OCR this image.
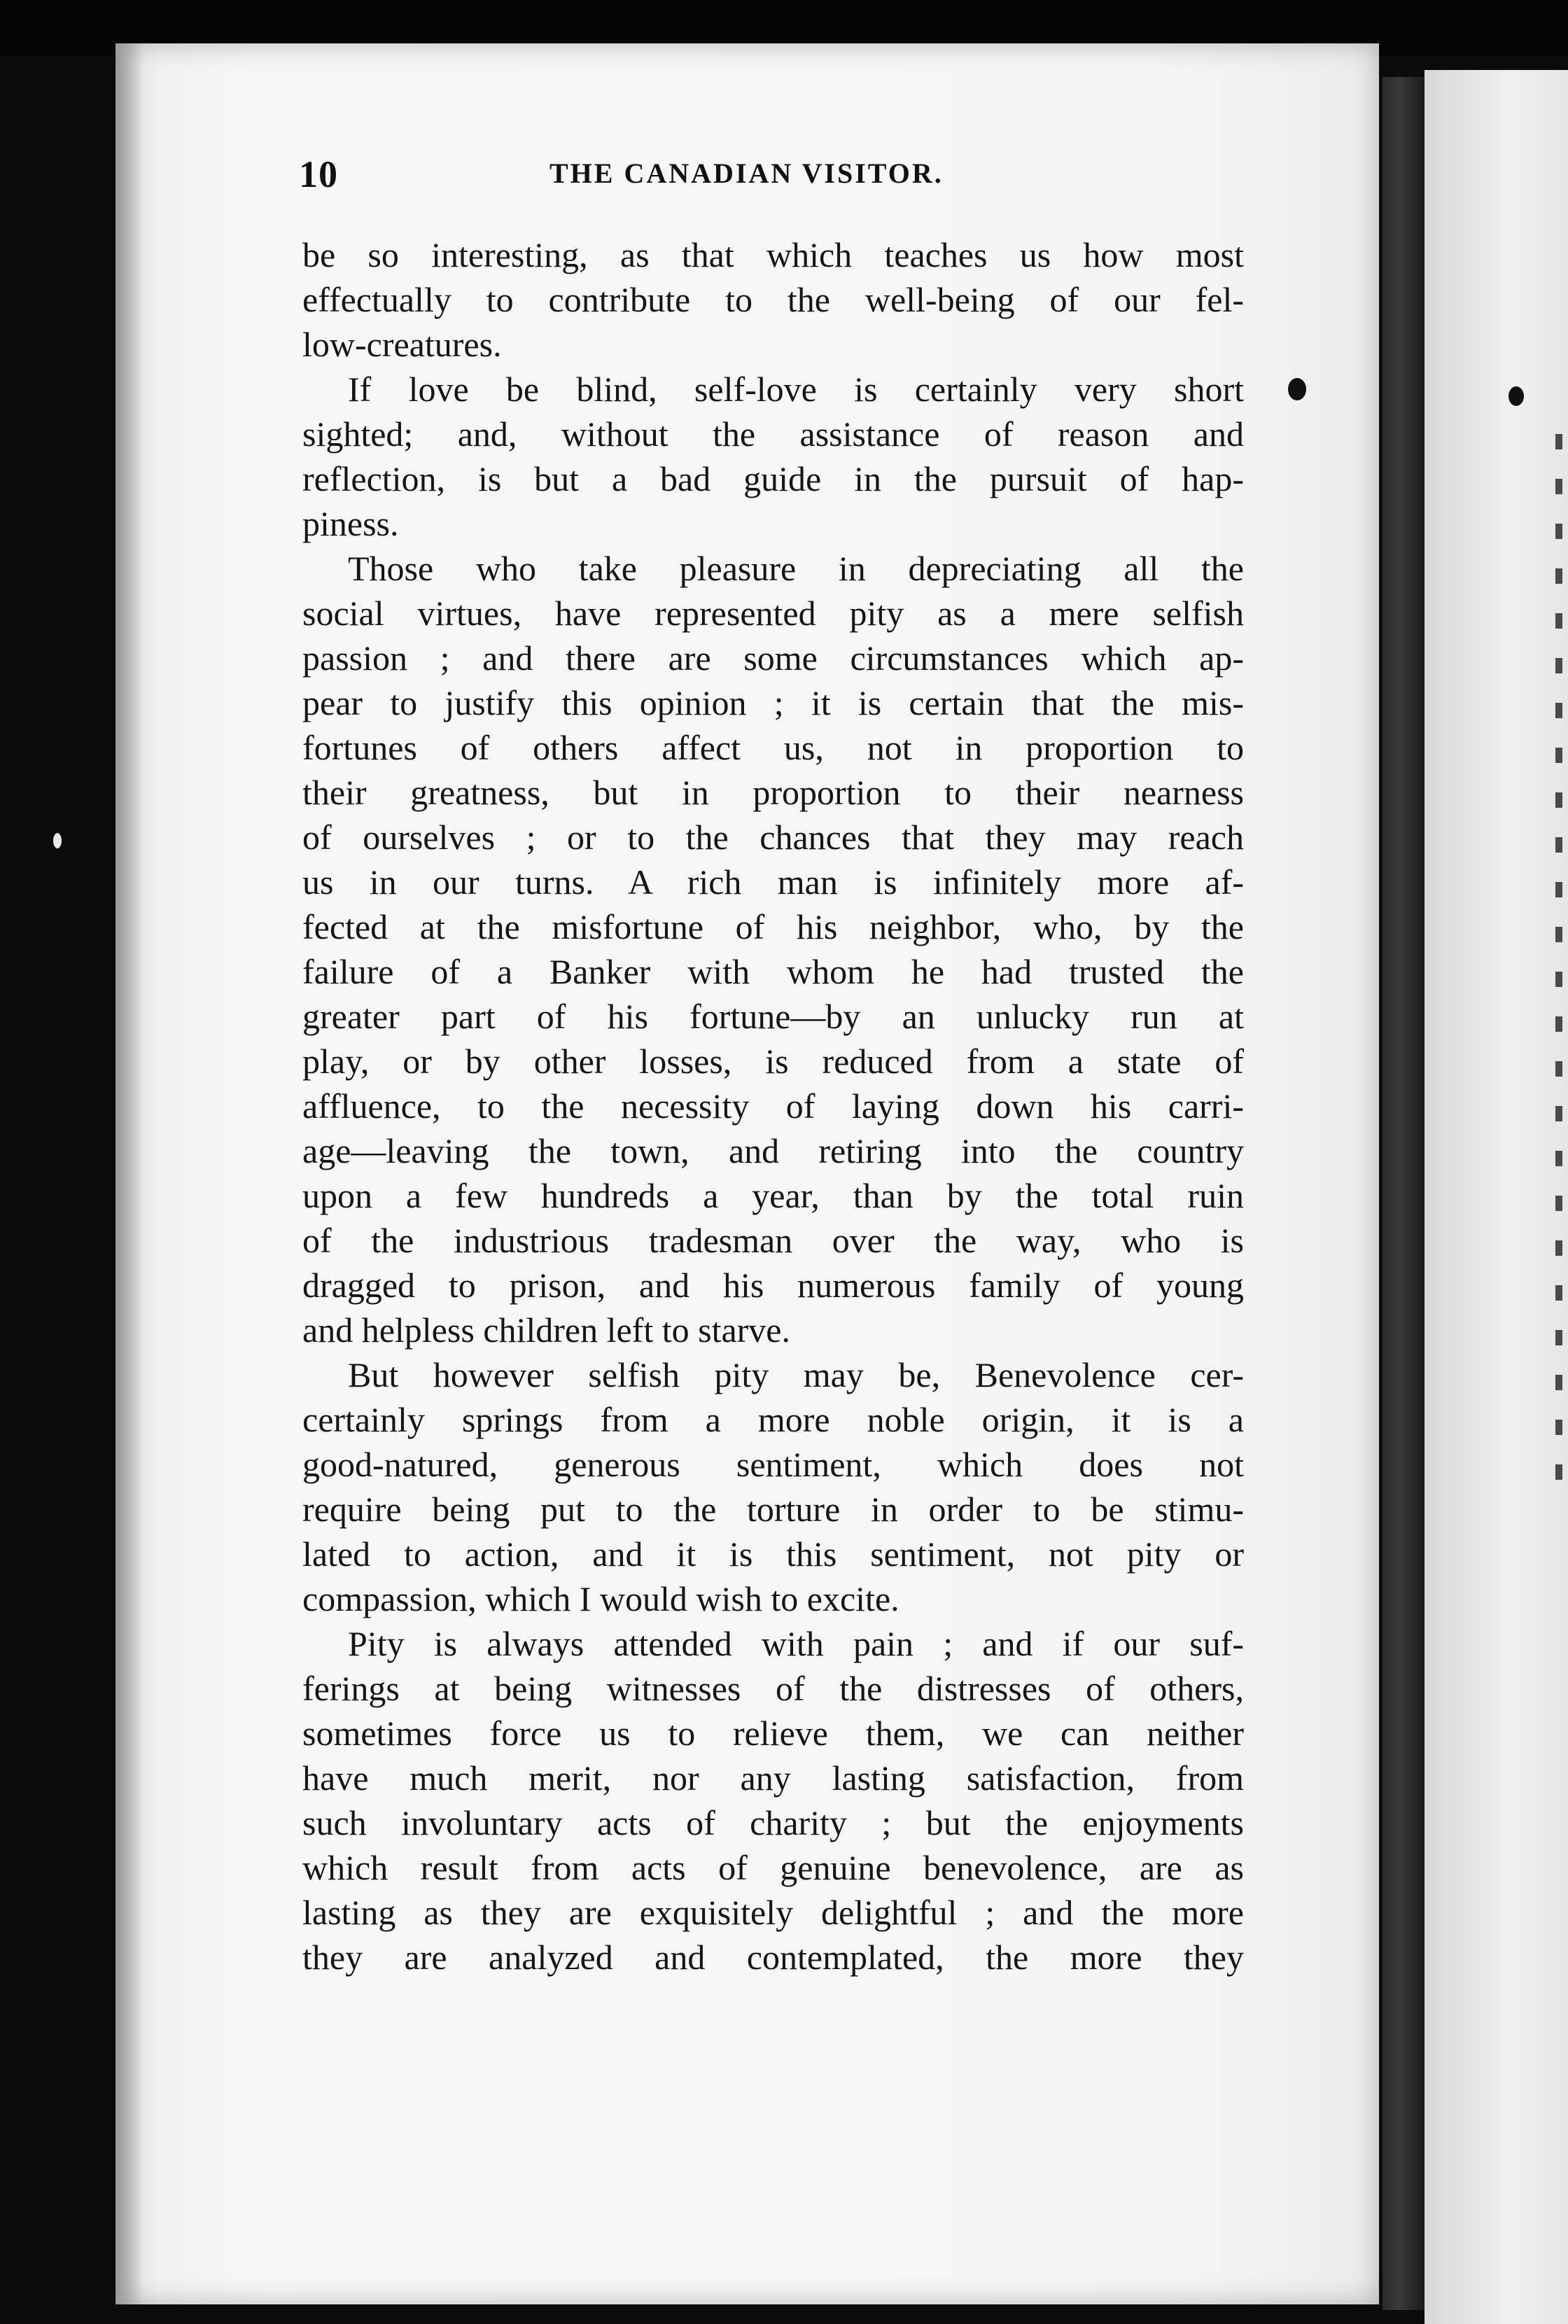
10	THE CANADIAN VISITOR.
be so interesting, as that which teaches us how most
effectually to contribute to the well-being of our fel-
low-creatures.
If love be blind, self-love is certainly very short
sighted; and, without the assistance of reason and
reflection, is but a bad guide in the pursuit of hap-
piness.
Those who take pleasure in depreciating all the
social virtues, have represented pity as a mere selfish
passion ; and there are some circumstances which ap-
pear to justify this opinion ; it is certain that the mis-
fortunes of others affect us, not in proportion to
their greatness, but in proportion to their nearness
of ourselves ; or to the chances that they may reach
us in our turns. A rich man is infinitely more af-
fected at the misfortune of his neighbor, who, by the
failure of a Banker with whom he had trusted the
greater part of his fortune—by an unlucky run at
play, or by other losses, is reduced from a state of
affluence, to the necessity of laying down his carri-
age—leaving the town, and retiring into the country
upon a few hundreds a year, than by the total ruin
of the industrious tradesman over the way, who is
dragged to prison, and his numerous family of young
and helpless children left to starve.
But however selfish pity may be, Benevolence cer-
certainly springs from a more noble origin, it is a
good-natured, generous sentiment, which does not
require being put to the torture in order to be stimu-
lated to action, and it is this sentiment, not pity or
compassion, which I would wish to excite.
Pity is always attended with pain ; and if our suf-
ferings at being witnesses of the distresses of others,
sometimes force us to relieve them, we can neither
have much merit, nor any lasting satisfaction, from
such involuntary acts of charity ; but the enjoyments
which result from acts of genuine benevolence, are as
lasting as they are exquisitely delightful ; and the more
they are analyzed and contemplated, the more they
